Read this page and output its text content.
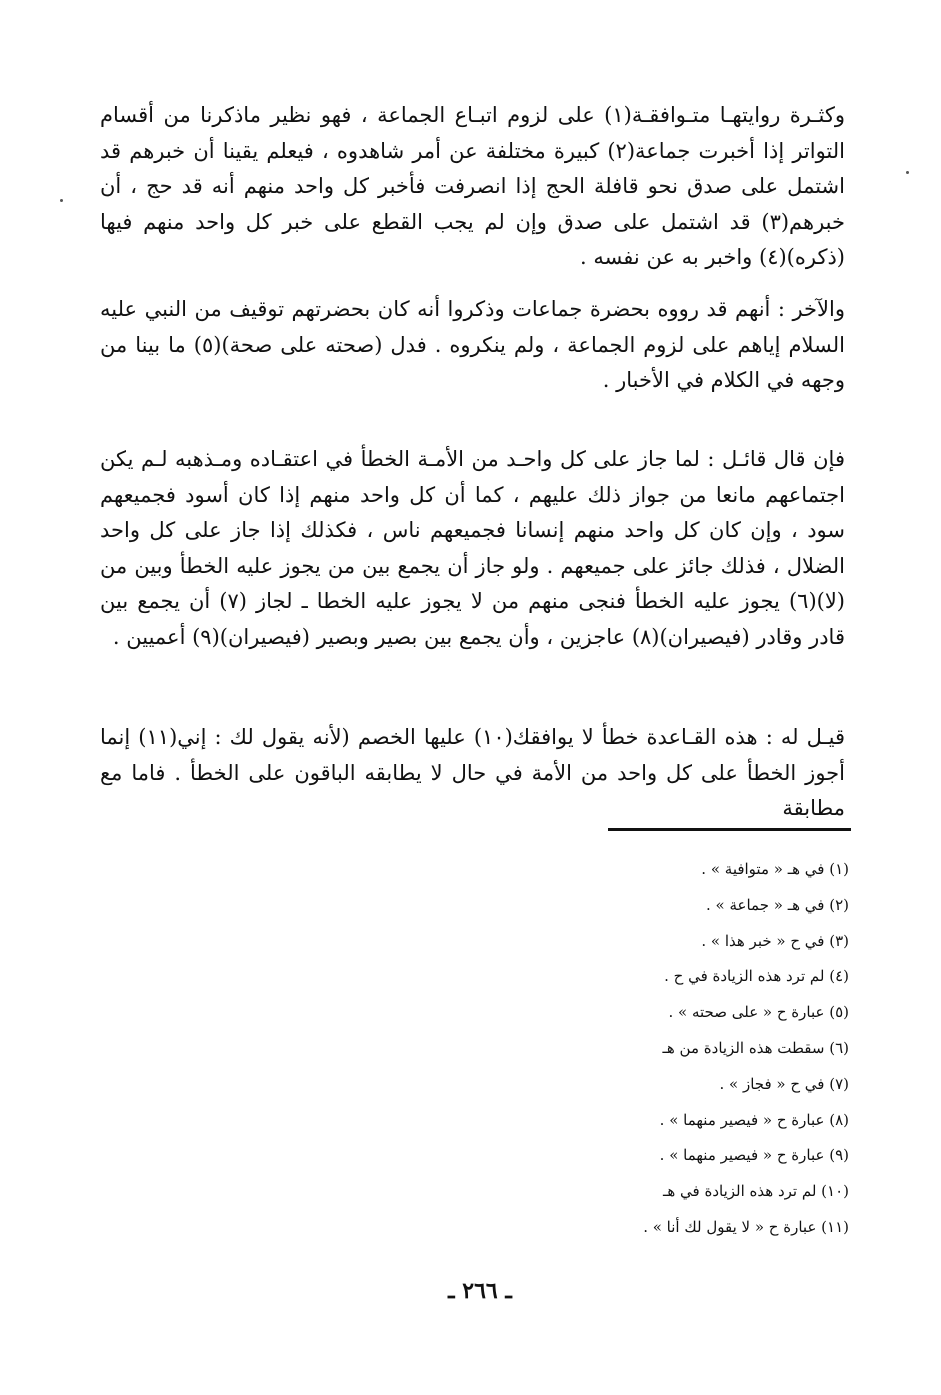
وكثـرة روايتهـا متـوافقـة(١) على لزوم اتبـاع الجماعة ، فهو نظير ماذكرنا من أقسام التواتر إذا أخبرت جماعة(٢) كبيرة مختلفة عن أمر شاهدوه ، فيعلم يقينا أن خبرهم قد اشتمل على صدق نحو قافلة الحج إذا انصرفت فأخبر كل واحد منهم أنه قد حج ، أن خبرهم(٣) قد اشتمل على صدق وإن لم يجب القطع على خبر كل واحد منهم فيها (ذكره)(٤) واخبر به عن نفسه .

والآخر : أنهم قد رووه بحضرة جماعات وذكروا أنه كان بحضرتهم توقيف من النبي عليه السلام إياهم على لزوم الجماعة ، ولم ينكروه . فدل (صحته على صحة)(٥) ما بينا من وجهه في الكلام في الأخبار .

فإن قال قائـل : لما جاز على كل واحـد من الأمـة الخطأ في اعتقـاده ومـذهبه لـم يكن اجتماعهم مانعا من جواز ذلك عليهم ، كما أن كل واحد منهم إذا كان أسود فجميعهم سود ، وإن كان كل واحد منهم إنسانا فجميعهم ناس ، فكذلك إذا جاز على كل واحد الضلال ، فذلك جائز على جميعهم . ولو جاز أن يجمع بين من يجوز عليه الخطأ وبين من (لا)(٦) يجوز عليه الخطأ فنجى منهم من لا يجوز عليه الخطا ـ لجاز (٧) أن يجمع بين قادر وقادر (فيصيران)(٨) عاجزين ، وأن يجمع بين بصير وبصير (فيصيران)(٩) أعميين .

قيـل له : هذه القـاعدة خطأ لا يوافقك(١٠) عليها الخصم (لأنه يقول لك : إني(١١) إنما أجوز الخطأ على كل واحد من الأمة في حال لا يطابقه الباقون على الخطأ . فاما مع مطابقة

(١) في هـ « متوافية » .
(٢) في هـ « جماعة » .
(٣) في ح « خبر هذا » .
(٤) لم ترد هذه الزيادة في ح .
(٥) عبارة ح « على صحته » .
(٦) سقطت هذه الزيادة من هـ
(٧) في ح « فجاز » .
(٨) عبارة ح « فيصير منهما » .
(٩) عبارة ح « فيصير منهما » .
(١٠) لم ترد هذه الزيادة في هـ
(١١) عبارة ح « لا يقول لك أنا » .
ـ ٢٦٦ ـ
